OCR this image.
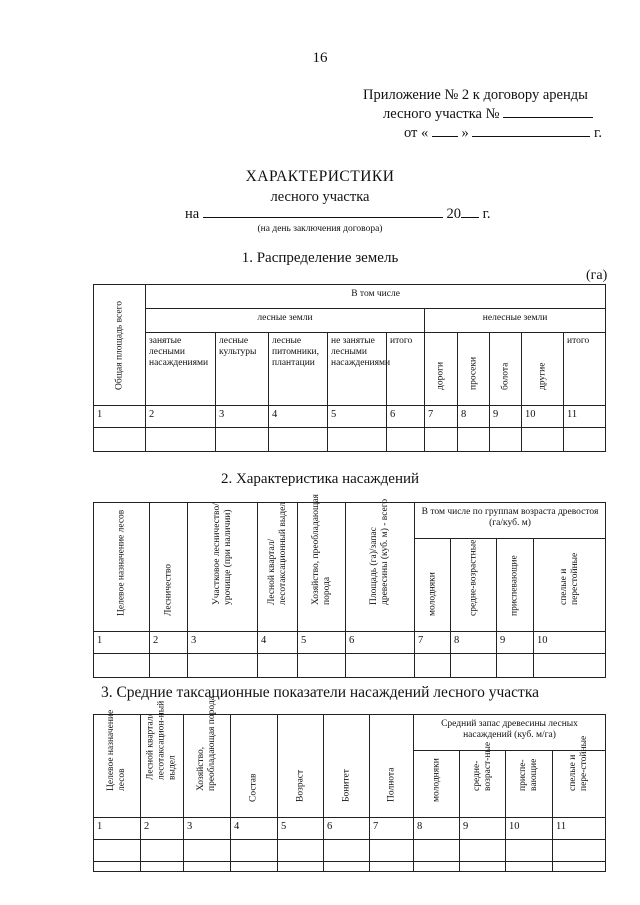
16
Приложение № 2 к договору аренды
лесного участка №
от « »	г.
ХАРАКТЕРИСТИКИ
лесного участка
на	20 г.
(на день заключения договора)
1. Распределение земель
(га)
Общая площадь всего	В том числе									
	лесные земли					нелесные земли				
	занятые лесными насаждениями	лесные культуры	лесные питомники, плантации	не занятые лесными насаждениями	итого	дороги	просеки	болота	другие	итого
1	2	3	4	5	6	7	8	9	10	11

2. Характеристика насаждений
Целевое назначение лесов	Лесничество	Участковое лесничество/урочище (при наличии)	Лесной квартал/ лесотаксационный выдел	Хозяйство, преобладающая порода	Площадь (га)/запас древесины (куб. м) - всего	В том числе по группам возраста древостоя (га/куб. м)			

						молодняки	средне-возрастные	приспевающие	спелые и перестойные

1	2	3	4	5	6	7	8	9	10

3. Средние таксационные показатели насаждений лесного участка
Целевое назначение лесов	Лесной квартал/ лесотаксацион-ный выдел	Хозяйство, преобладающая порода	Состав	Возраст	Бонитет	Полнота	Средний запас древесины лесных насаждений (куб. м/га)			

							молодняки	средне-возраст-ные	приспе-вающие	спелые и пере-стойные

1	2	3	4	5	6	7	8	9	10	11
